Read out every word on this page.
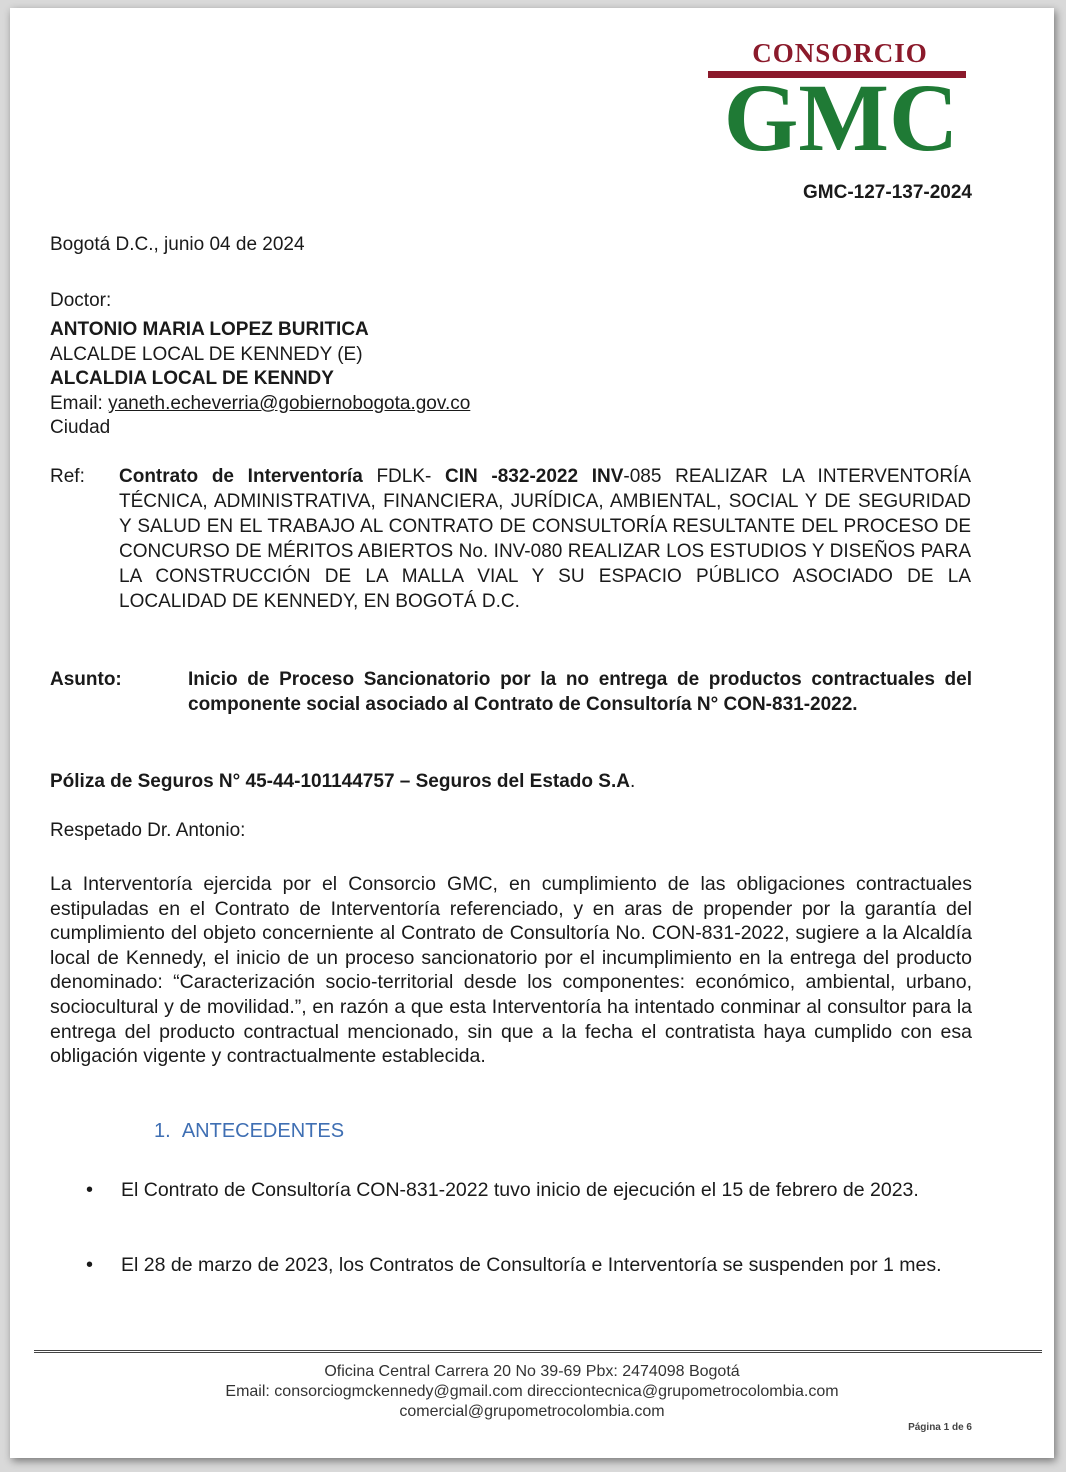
CONSORCIO
GMC
GMC-127-137-2024
Bogotá D.C., junio 04 de 2024
Doctor:
ANTONIO MARIA LOPEZ BURITICA
ALCALDE LOCAL DE KENNEDY (E)
ALCALDIA LOCAL DE KENNDY
Email: yaneth.echeverria@gobiernobogota.gov.co
Ciudad
Ref: Contrato de Interventoría FDLK- CIN -832-2022 INV-085 REALIZAR LA INTERVENTORÍA TÉCNICA, ADMINISTRATIVA, FINANCIERA, JURÍDICA, AMBIENTAL, SOCIAL Y DE SEGURIDAD Y SALUD EN EL TRABAJO AL CONTRATO DE CONSULTORÍA RESULTANTE DEL PROCESO DE CONCURSO DE MÉRITOS ABIERTOS No. INV-080 REALIZAR LOS ESTUDIOS Y DISEÑOS PARA LA CONSTRUCCIÓN DE LA MALLA VIAL Y SU ESPACIO PÚBLICO ASOCIADO DE LA LOCALIDAD DE KENNEDY, EN BOGOTÁ D.C.
Asunto:	Inicio de Proceso Sancionatorio por la no entrega de productos contractuales del componente social asociado al Contrato de Consultoría N° CON-831-2022.
Póliza de Seguros N° 45-44-101144757 – Seguros del Estado S.A.
Respetado Dr. Antonio:
La Interventoría ejercida por el Consorcio GMC, en cumplimiento de las obligaciones contractuales estipuladas en el Contrato de Interventoría referenciado, y en aras de propender por la garantía del cumplimiento del objeto concerniente al Contrato de Consultoría No. CON-831-2022, sugiere a la Alcaldía local de Kennedy, el inicio de un proceso sancionatorio por el incumplimiento en la entrega del producto denominado: “Caracterización socio-territorial desde los componentes: económico, ambiental, urbano, sociocultural y de movilidad.”, en razón a que esta Interventoría ha intentado conminar al consultor para la entrega del producto contractual mencionado, sin que a la fecha el contratista haya cumplido con esa obligación vigente y contractualmente establecida.
1. ANTECEDENTES
• El Contrato de Consultoría CON-831-2022 tuvo inicio de ejecución el 15 de febrero de 2023.
• El 28 de marzo de 2023, los Contratos de Consultoría e Interventoría se suspenden por 1 mes.
Oficina Central Carrera 20 No 39-69 Pbx: 2474098 Bogotá
Email: consorciogmckennedy@gmail.com direcciontecnica@grupometrocolombia.com
comercial@grupometrocolombia.com
Página 1 de 6
